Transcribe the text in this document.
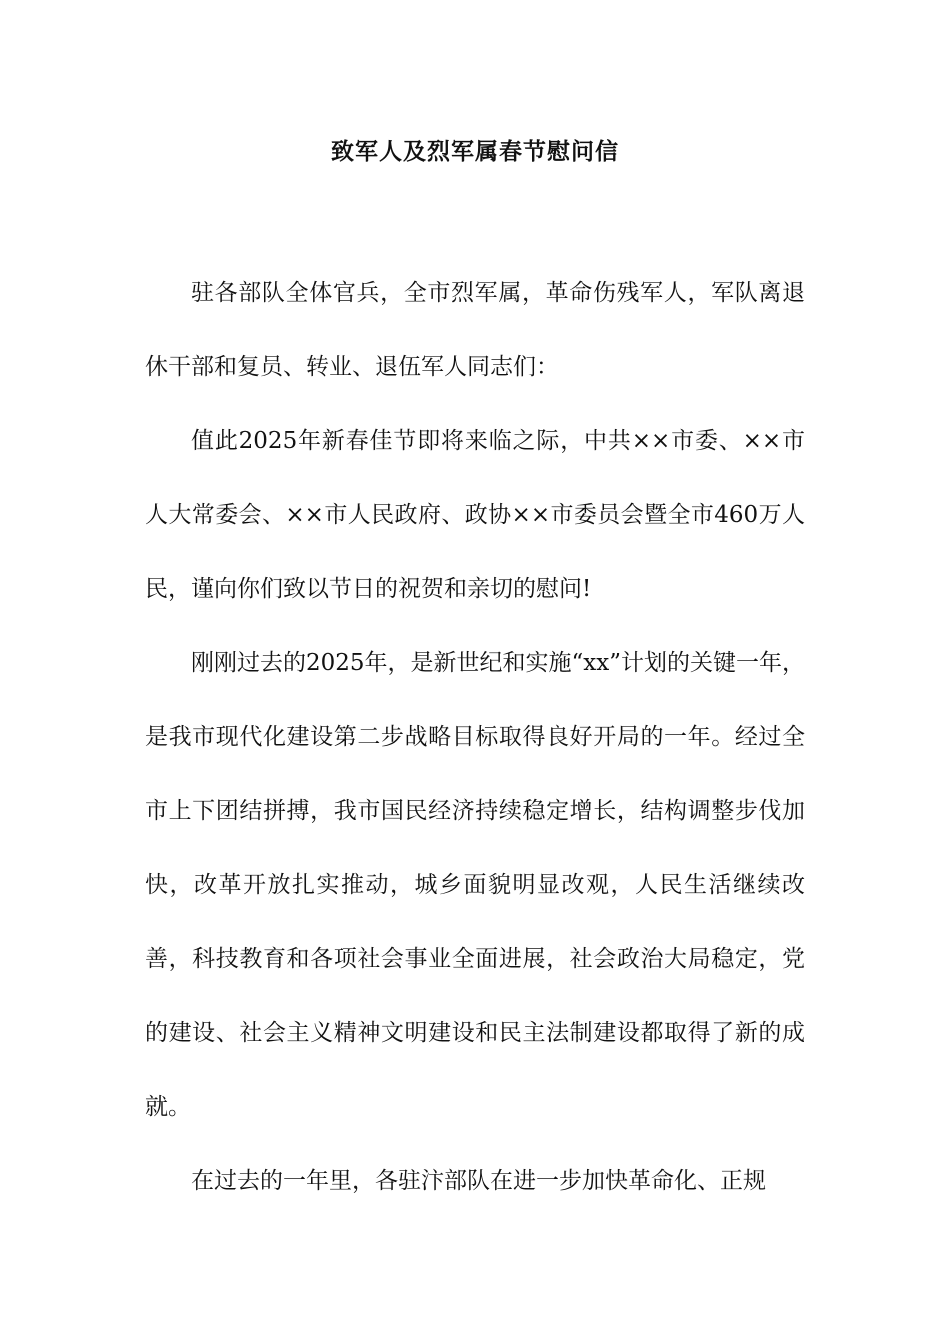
致军人及烈军属春节慰问信

驻各部队全体官兵，全市烈军属，革命伤残军人，军队离退休干部和复员、转业、退伍军人同志们：

值此2025年新春佳节即将来临之际，中共××市委、××市人大常委会、××市人民政府、政协××市委员会暨全市460万人民，谨向你们致以节日的祝贺和亲切的慰问!

刚刚过去的2025年，是新世纪和实施“xx”计划的关键一年，是我市现代化建设第二步战略目标取得良好开局的一年。经过全市上下团结拼搏，我市国民经济持续稳定增长，结构调整步伐加快，改革开放扎实推动，城乡面貌明显改观，人民生活继续改善，科技教育和各项社会事业全面进展，社会政治大局稳定，党的建设、社会主义精神文明建设和民主法制建设都取得了新的成就。

在过去的一年里，各驻汴部队在进一步加快革命化、正规
